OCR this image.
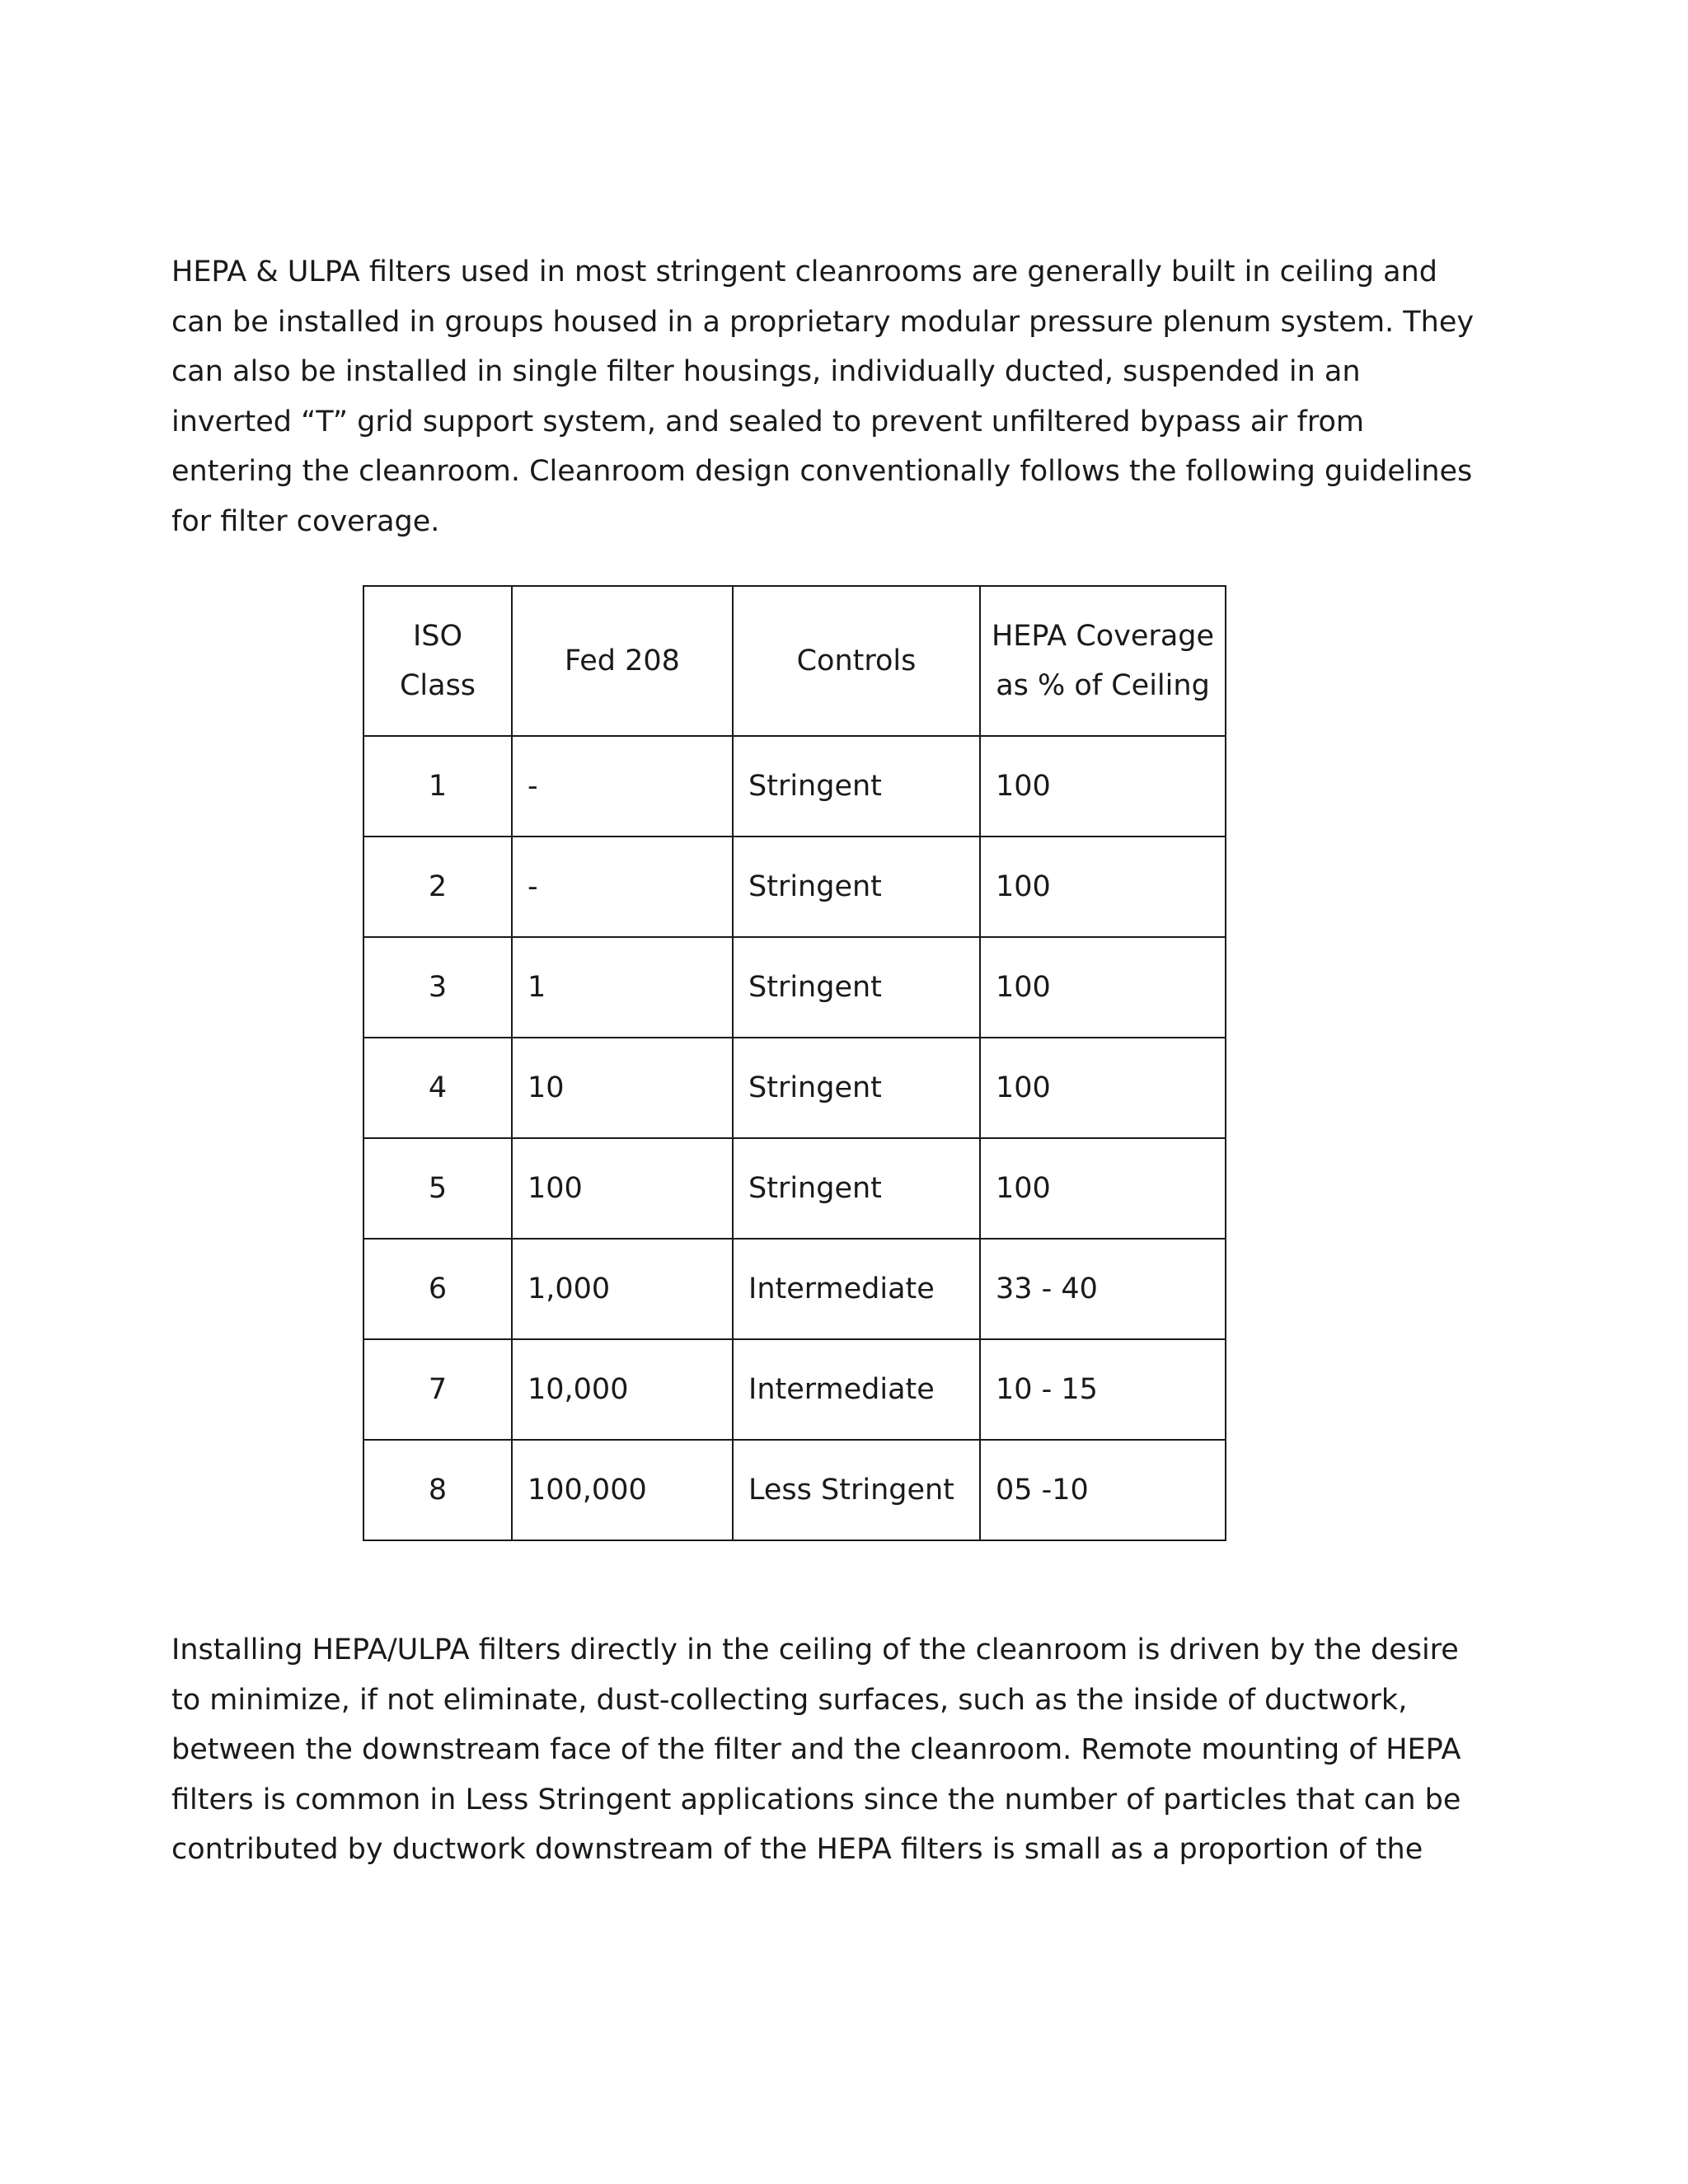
HEPA & ULPA filters used in most stringent cleanrooms are generally built in ceiling and
can be installed in groups housed in a proprietary modular pressure plenum system. They
can also be installed in single filter housings, individually ducted, suspended in an
inverted “T” grid support system, and sealed to prevent unfiltered bypass air from
entering the cleanroom. Cleanroom design conventionally follows the following guidelines
for filter coverage.

ISO
Class	Fed 208	Controls	HEPA Coverage
as % of Ceiling

1	-	Stringent	100
2	-	Stringent	100
3	1	Stringent	100
4	10	Stringent	100
5	100	Stringent	100
6	1,000	Intermediate	33 - 40
7	10,000	Intermediate	10 - 15
8	100,000	Less Stringent	05 -10

Installing HEPA/ULPA filters directly in the ceiling of the cleanroom is driven by the desire
to minimize, if not eliminate, dust-collecting surfaces, such as the inside of ductwork,
between the downstream face of the filter and the cleanroom. Remote mounting of HEPA
filters is common in Less Stringent applications since the number of particles that can be
contributed by ductwork downstream of the HEPA filters is small as a proportion of the
